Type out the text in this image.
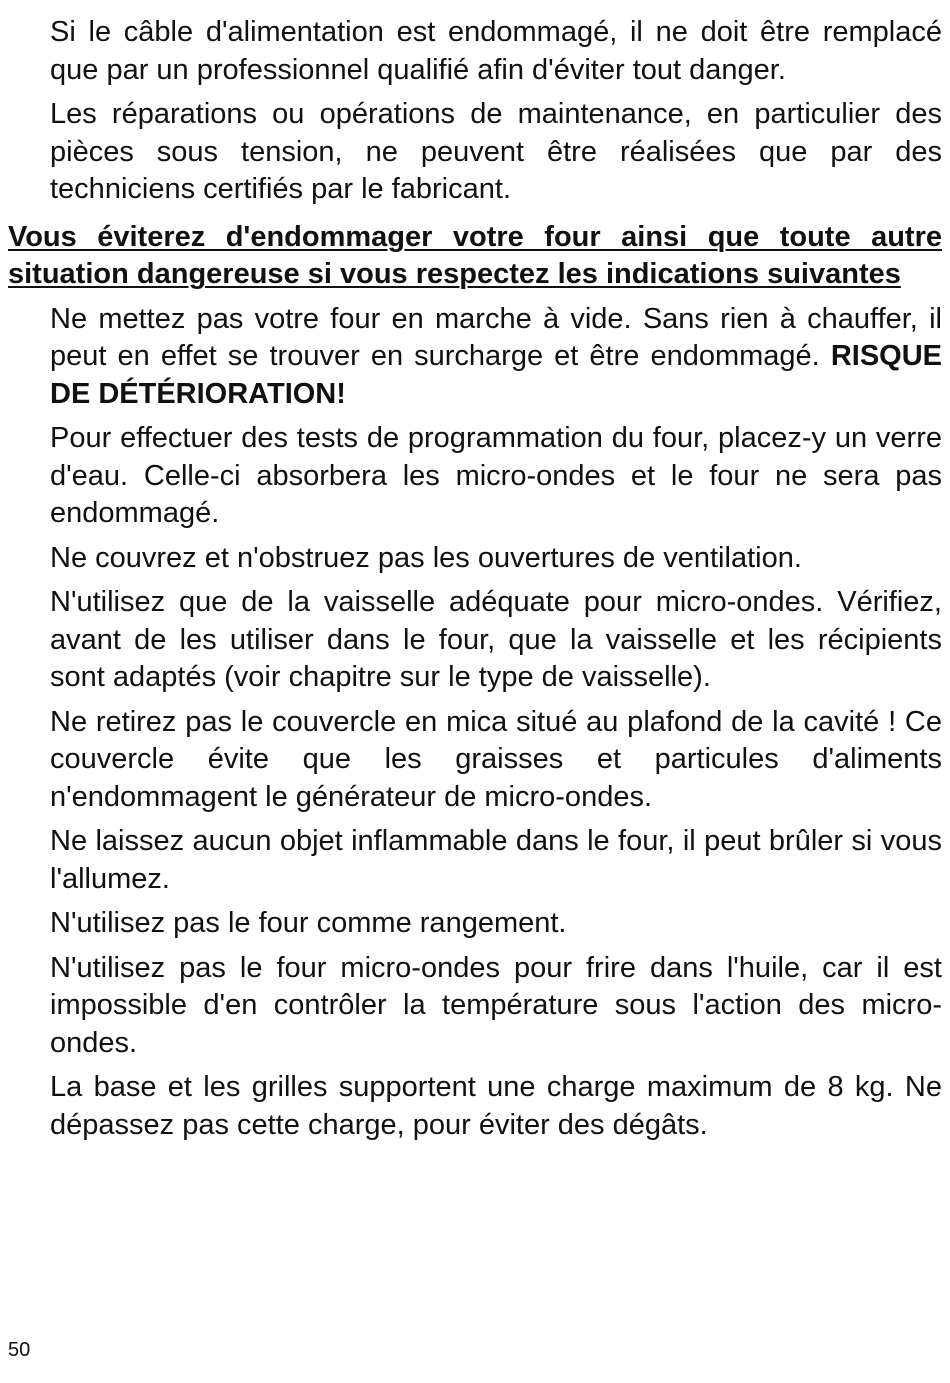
Si le câble d'alimentation est endommagé, il ne doit être remplacé que par un professionnel qualifié afin d'éviter tout danger.

Les réparations ou opérations de maintenance, en particulier des pièces sous tension, ne peuvent être réalisées que par des techniciens certifiés par le fabricant.

Vous éviterez d'endommager votre four ainsi que toute autre situation dangereuse si vous respectez les indications suivantes

Ne mettez pas votre four en marche à vide. Sans rien à chauffer, il peut en effet se trouver en surcharge et être endommagé. RISQUE DE DÉTÉRIORATION!

Pour effectuer des tests de programmation du four, placez-y un verre d'eau. Celle-ci absorbera les micro-ondes et le four ne sera pas endommagé.

Ne couvrez et n'obstruez pas les ouvertures de ventilation.

N'utilisez que de la vaisselle adéquate pour micro-ondes. Vérifiez, avant de les utiliser dans le four, que la vaisselle et les récipients sont adaptés (voir chapitre sur le type de vaisselle).

Ne retirez pas le couvercle en mica situé au plafond de la cavité ! Ce couvercle évite que les graisses et particules d'aliments n'endommagent le générateur de micro-ondes.

Ne laissez aucun objet inflammable dans le four, il peut brûler si vous l'allumez.

N'utilisez pas le four comme rangement.

N'utilisez pas le four micro-ondes pour frire dans l'huile, car il est impossible d'en contrôler la température sous l'action des micro-ondes.

La base et les grilles supportent une charge maximum de 8 kg. Ne dépassez pas cette charge, pour éviter des dégâts.

50
